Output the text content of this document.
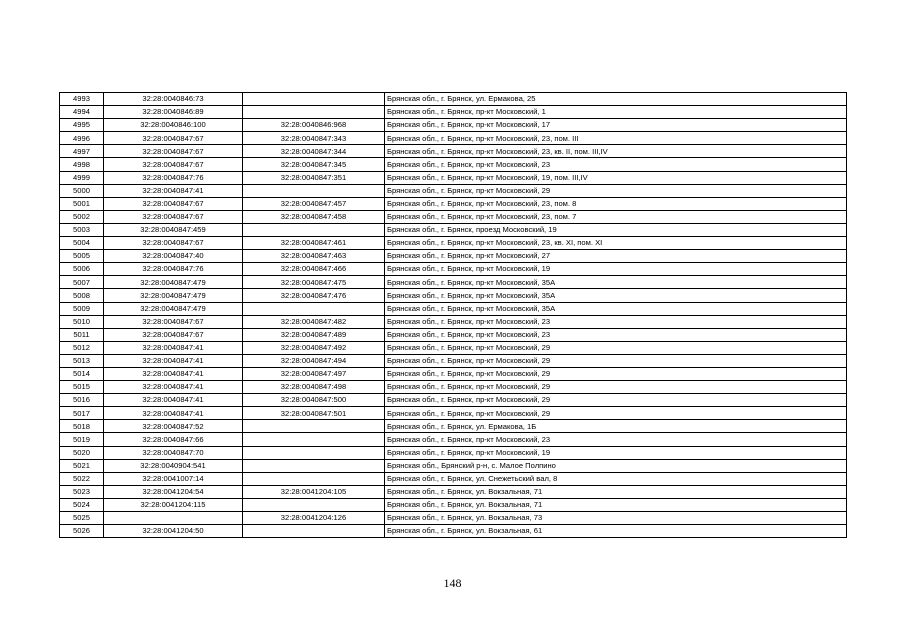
4993	32:28:0040846:73		Брянская обл., г. Брянск, ул. Ермакова, 25
4994	32:28:0040846:89		Брянская обл., г. Брянск, пр-кт Московский, 1
4995	32:28:0040846:100	32:28:0040846:968	Брянская обл., г. Брянск, пр-кт Московский, 17
4996	32:28:0040847:67	32:28:0040847:343	Брянская обл., г. Брянск, пр-кт Московский, 23, пом. III
4997	32:28:0040847:67	32:28:0040847:344	Брянская обл., г. Брянск, пр-кт Московский, 23, кв. II, пом. III,IV
4998	32:28:0040847:67	32:28:0040847:345	Брянская обл., г. Брянск, пр-кт Московский, 23
4999	32:28:0040847:76	32:28:0040847:351	Брянская обл., г. Брянск, пр-кт Московский, 19, пом. III,IV
5000	32:28:0040847:41		Брянская обл., г. Брянск, пр-кт Московский, 29
5001	32:28:0040847:67	32:28:0040847:457	Брянская обл., г. Брянск, пр-кт Московский, 23, пом. 8
5002	32:28:0040847:67	32:28:0040847:458	Брянская обл., г. Брянск, пр-кт Московский, 23, пом. 7
5003	32:28:0040847:459		Брянская обл., г. Брянск, проезд Московский, 19
5004	32:28:0040847:67	32:28:0040847:461	Брянская обл., г. Брянск, пр-кт Московский, 23, кв. XI, пом. XI
5005	32:28:0040847:40	32:28:0040847:463	Брянская обл., г. Брянск, пр-кт Московский, 27
5006	32:28:0040847:76	32:28:0040847:466	Брянская обл., г. Брянск, пр-кт Московский, 19
5007	32:28:0040847:479	32:28:0040847:475	Брянская обл., г. Брянск, пр-кт Московский, 35А
5008	32:28:0040847:479	32:28:0040847:476	Брянская обл., г. Брянск, пр-кт Московский, 35А
5009	32:28:0040847:479		Брянская обл., г. Брянск, пр-кт Московский, 35А
5010	32:28:0040847:67	32:28:0040847:482	Брянская обл., г. Брянск, пр-кт Московский, 23
5011	32:28:0040847:67	32:28:0040847:489	Брянская обл., г. Брянск, пр-кт Московский, 23
5012	32:28:0040847:41	32:28:0040847:492	Брянская обл., г. Брянск, пр-кт Московский, 29
5013	32:28:0040847:41	32:28:0040847:494	Брянская обл., г. Брянск, пр-кт Московский, 29
5014	32:28:0040847:41	32:28:0040847:497	Брянская обл., г. Брянск, пр-кт Московский, 29
5015	32:28:0040847:41	32:28:0040847:498	Брянская обл., г. Брянск, пр-кт Московский, 29
5016	32:28:0040847:41	32:28:0040847:500	Брянская обл., г. Брянск, пр-кт Московский, 29
5017	32:28:0040847:41	32:28:0040847:501	Брянская обл., г. Брянск, пр-кт Московский, 29
5018	32:28:0040847:52		Брянская обл., г. Брянск, ул. Ермакова, 1Б
5019	32:28:0040847:66		Брянская обл., г. Брянск, пр-кт Московский, 23
5020	32:28:0040847:70		Брянская обл., г. Брянск, пр-кт Московский, 19
5021	32:28:0040904:541		Брянская обл., Брянский р-н, с. Малое Полпино
5022	32:28:0041007:14		Брянская обл., г. Брянск, ул. Снежетьский вал, 8
5023	32:28:0041204:54	32:28:0041204:105	Брянская обл., г. Брянск, ул. Вокзальная, 71
5024	32:28:0041204:115		Брянская обл., г. Брянск, ул. Вокзальная, 71
5025		32:28:0041204:126	Брянская обл., г. Брянск, ул. Вокзальная, 73
5026	32:28:0041204:50		Брянская обл., г. Брянск, ул. Вокзальная, 61
148
